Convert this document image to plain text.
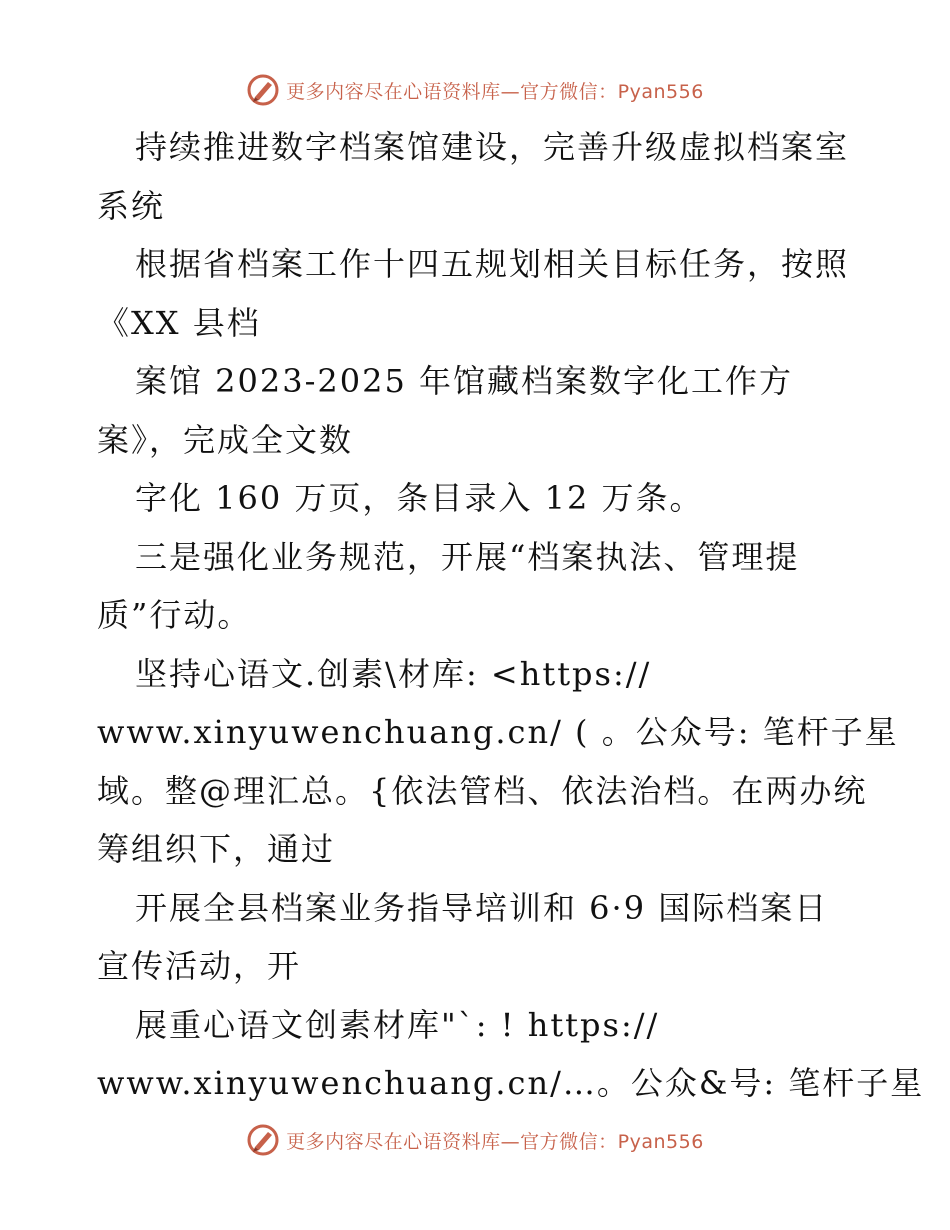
更多内容尽在心语资料库—官方微信：Pyan556

持续推进数字档案馆建设，完善升级虚拟档案室

系统

根据省档案工作十四五规划相关目标任务，按照

《XX 县档

案馆 2023-2025 年馆藏档案数字化工作方

案》，完成全文数

字化 160 万页，条目录入 12 万条。

三是强化业务规范，开展“档案执法、管理提

质”行动。

坚持心语文.创素\材库: <https://

www.xinyuwenchuang.cn/ ( 。公众号: 笔杆子星

域。整@理汇总。{依法管档、依法治档。在两办统

筹组织下，通过

开展全县档案业务指导培训和 6·9 国际档案日

宣传活动，开

展重心语文创素材库"`: ! https://

www.xinyuwenchuang.cn/…。公众&号: 笔杆子星

更多内容尽在心语资料库—官方微信：Pyan556
